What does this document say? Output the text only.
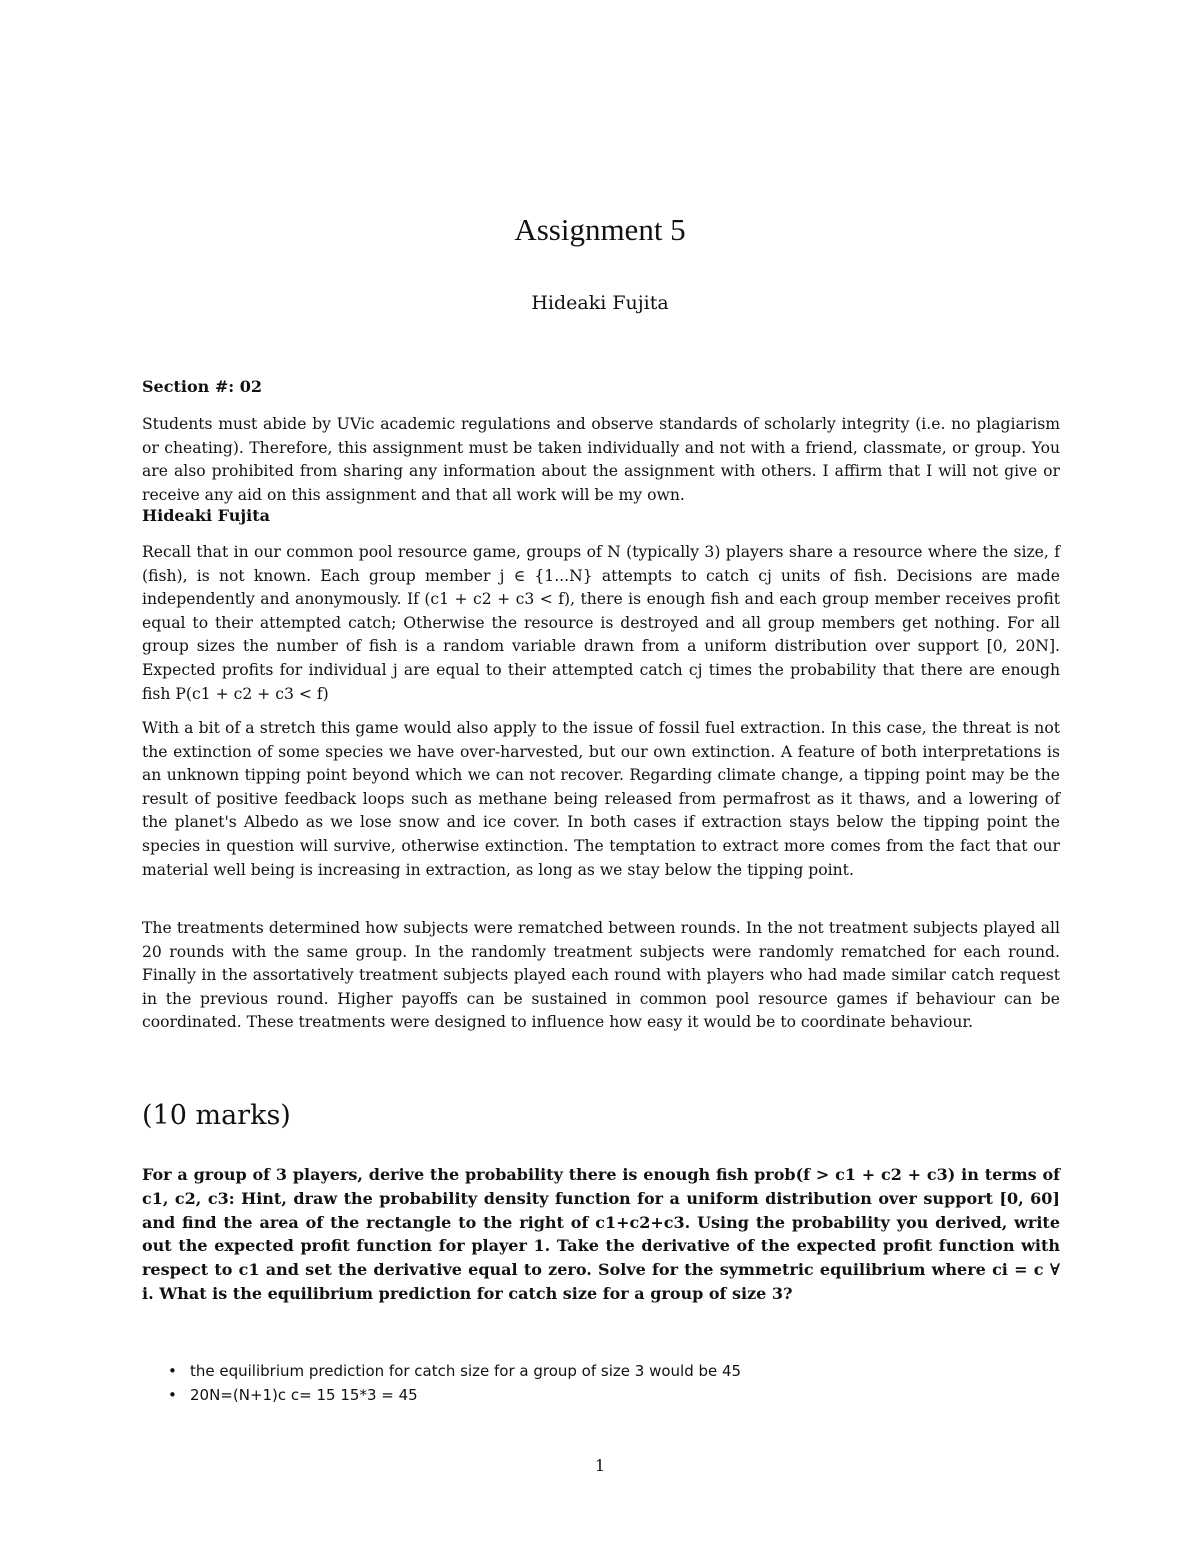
Assignment 5
Hideaki Fujita
Section #: 02
Students must abide by UVic academic regulations and observe standards of scholarly integrity (i.e. no plagiarism or cheating). Therefore, this assignment must be taken individually and not with a friend, classmate, or group. You are also prohibited from sharing any information about the assignment with others. I affirm that I will not give or receive any aid on this assignment and that all work will be my own.
Hideaki Fujita
Recall that in our common pool resource game, groups of N (typically 3) players share a resource where the size, f (fish), is not known. Each group member j ∈ {1...N} attempts to catch cj units of fish. Decisions are made independently and anonymously. If (c1 + c2 + c3 < f), there is enough fish and each group member receives profit equal to their attempted catch; Otherwise the resource is destroyed and all group members get nothing. For all group sizes the number of fish is a random variable drawn from a uniform distribution over support [0, 20N]. Expected profits for individual j are equal to their attempted catch cj times the probability that there are enough fish P(c1 + c2 + c3 < f)
With a bit of a stretch this game would also apply to the issue of fossil fuel extraction. In this case, the threat is not the extinction of some species we have over-harvested, but our own extinction. A feature of both interpretations is an unknown tipping point beyond which we can not recover. Regarding climate change, a tipping point may be the result of positive feedback loops such as methane being released from permafrost as it thaws, and a lowering of the planet's Albedo as we lose snow and ice cover. In both cases if extraction stays below the tipping point the species in question will survive, otherwise extinction. The temptation to extract more comes from the fact that our material well being is increasing in extraction, as long as we stay below the tipping point.
The treatments determined how subjects were rematched between rounds. In the not treatment subjects played all 20 rounds with the same group. In the randomly treatment subjects were randomly rematched for each round. Finally in the assortatively treatment subjects played each round with players who had made similar catch request in the previous round. Higher payoffs can be sustained in common pool resource games if behaviour can be coordinated. These treatments were designed to influence how easy it would be to coordinate behaviour.
(10 marks)
For a group of 3 players, derive the probability there is enough fish prob(f > c1 + c2 + c3) in terms of c1, c2, c3: Hint, draw the probability density function for a uniform distribution over support [0, 60] and find the area of the rectangle to the right of c1+c2+c3. Using the probability you derived, write out the expected profit function for player 1. Take the derivative of the expected profit function with respect to c1 and set the derivative equal to zero. Solve for the symmetric equilibrium where ci = c ∀ i. What is the equilibrium prediction for catch size for a group of size 3?
• the equilibrium prediction for catch size for a group of size 3 would be 45
• 20N=(N+1)c c= 15 15*3 = 45
1
